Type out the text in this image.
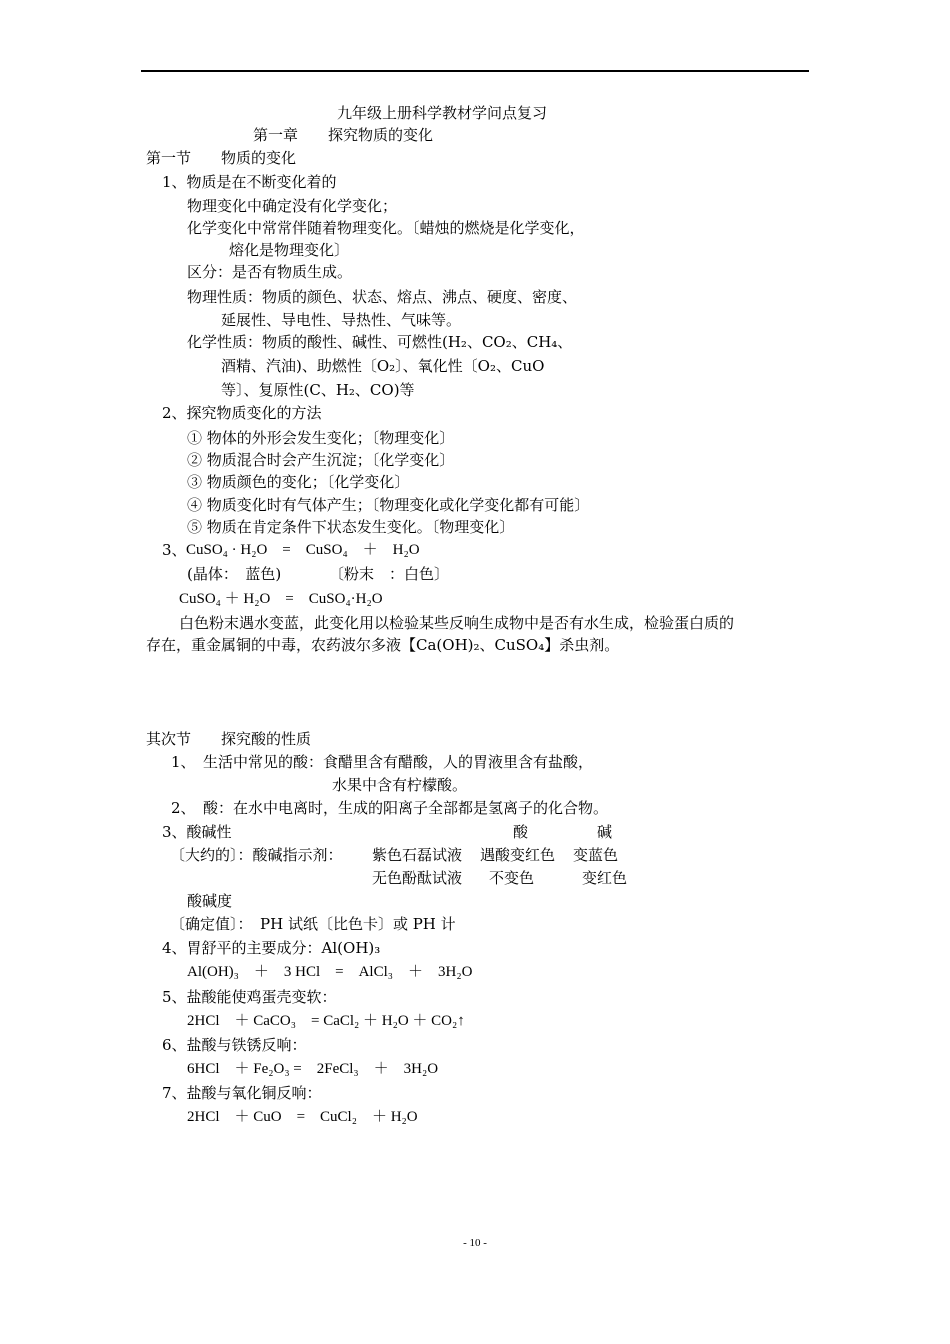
九年级上册科学教材学问点复习
第一章　　探究物质的变化
第一节　　物质的变化
1、物质是在不断变化着的
物理变化中确定没有化学变化；
化学变化中常常伴随着物理变化。〔蜡烛的燃烧是化学变化，
熔化是物理变化〕
区分：是否有物质生成。
物理性质：物质的颜色、状态、熔点、沸点、硬度、密度、
延展性、导电性、导热性、气味等。
化学性质：物质的酸性、碱性、可燃性(H₂、CO₂、CH₄、
酒精、汽油)、助燃性〔O₂〕、氧化性〔O₂、CuO
等〕、复原性(C、H₂、CO)等
2、探究物质变化的方法
① 物体的外形会发生变化；〔物理变化〕
② 物质混合时会产生沉淀；〔化学变化〕
③ 物质颜色的变化；〔化学变化〕
④ 物质变化时有气体产生；〔物理变化或化学变化都有可能〕
⑤ 物质在肯定条件下状态发生变化。〔物理变化〕
3、 CuSO₄ · H₂O　=　CuSO₄　＋　H₂O
(晶体：　蓝色)	〔粉末　：白色〕
CuSO₄ ＋ H₂O　=　CuSO₄·H₂O
白色粉末遇水变蓝，此变化用以检验某些反响生成物中是否有水生成，检验蛋白质的
存在，重金属铜的中毒，农药波尔多液【Ca(OH)₂、CuSO₄】杀虫剂。
其次节　　探究酸的性质
1、　生活中常见的酸：食醋里含有醋酸，人的胃液里含有盐酸，
水果中含有柠檬酸。
2、　酸：在水中电离时，生成的阳离子全部都是氢离子的化合物。
3、酸碱性	酸	碱
〔大约的〕：酸碱指示剂： 紫色石磊试液 遇酸变红色 变蓝色
无色酚酞试液 不变色	变红色
酸碱度
〔确定值〕：　PH 试纸〔比色卡〕或 PH 计
4、胃舒平的主要成分：Al(OH)₃
Al(OH)₃　＋　3 HCl　=　AlCl₃　＋　3H₂O
5、盐酸能使鸡蛋壳变软：
2HCl　＋ CaCO₃　= CaCl₂ ＋ H₂O ＋ CO₂↑
6、盐酸与铁锈反响：
6HCl　＋ Fe₂O₃ =　2FeCl₃　＋　3H₂O
7、盐酸与氧化铜反响：
2HCl　＋ CuO　=　CuCl₂　＋ H₂O
- 10 -
